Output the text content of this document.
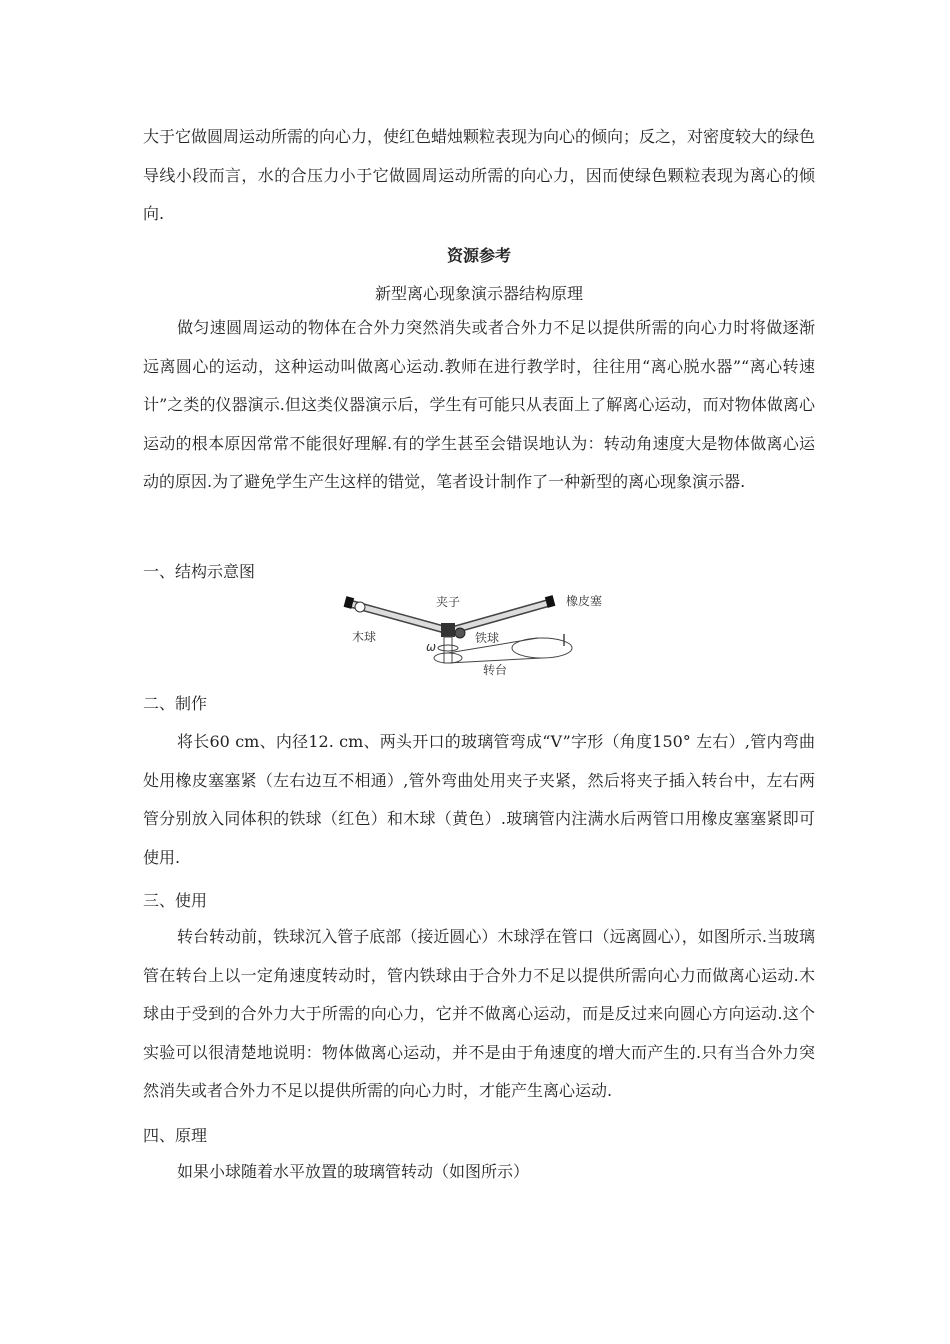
大于它做圆周运动所需的向心力，使红色蜡烛颗粒表现为向心的倾向；反之，对密度较大的绿色导线小段而言，水的合压力小于它做圆周运动所需的向心力，因而使绿色颗粒表现为离心的倾向.
资源参考
新型离心现象演示器结构原理
做匀速圆周运动的物体在合外力突然消失或者合外力不足以提供所需的向心力时将做逐渐远离圆心的运动，这种运动叫做离心运动.教师在进行教学时，往往用“离心脱水器”“离心转速计”之类的仪器演示.但这类仪器演示后，学生有可能只从表面上了解离心运动，而对物体做离心运动的根本原因常常不能很好理解.有的学生甚至会错误地认为：转动角速度大是物体做离心运动的原因.为了避免学生产生这样的错觉，笔者设计制作了一种新型的离心现象演示器.
一、结构示意图
夹子	橡皮塞
木球	铁球
ω
转台
二、制作
将长60 cm、内径12. cm、两头开口的玻璃管弯成“V”字形（角度150° 左右）,管内弯曲处用橡皮塞塞紧（左右边互不相通）,管外弯曲处用夹子夹紧，然后将夹子插入转台中，左右两管分别放入同体积的铁球（红色）和木球（黄色）.玻璃管内注满水后两管口用橡皮塞塞紧即可使用.
三、使用
转台转动前，铁球沉入管子底部（接近圆心）木球浮在管口（远离圆心），如图所示.当玻璃管在转台上以一定角速度转动时，管内铁球由于合外力不足以提供所需向心力而做离心运动.木球由于受到的合外力大于所需的向心力，它并不做离心运动，而是反过来向圆心方向运动.这个实验可以很清楚地说明：物体做离心运动，并不是由于角速度的增大而产生的.只有当合外力突然消失或者合外力不足以提供所需的向心力时，才能产生离心运动.
四、原理
如果小球随着水平放置的玻璃管转动（如图所示）
